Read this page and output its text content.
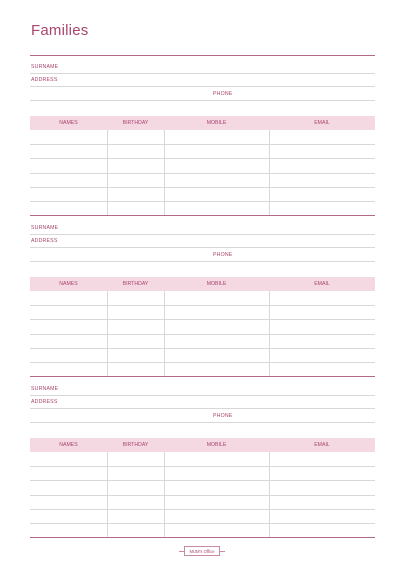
Families
SURNAME
ADDRESS
PHONE
NAMES	BIRTHDAY	MOBILE	EMAIL
SURNAME
ADDRESS
PHONE
NAMES	BIRTHDAY	MOBILE	EMAIL
SURNAME
ADDRESS
PHONE
NAMES	BIRTHDAY	MOBILE	EMAIL
MUM's Office
